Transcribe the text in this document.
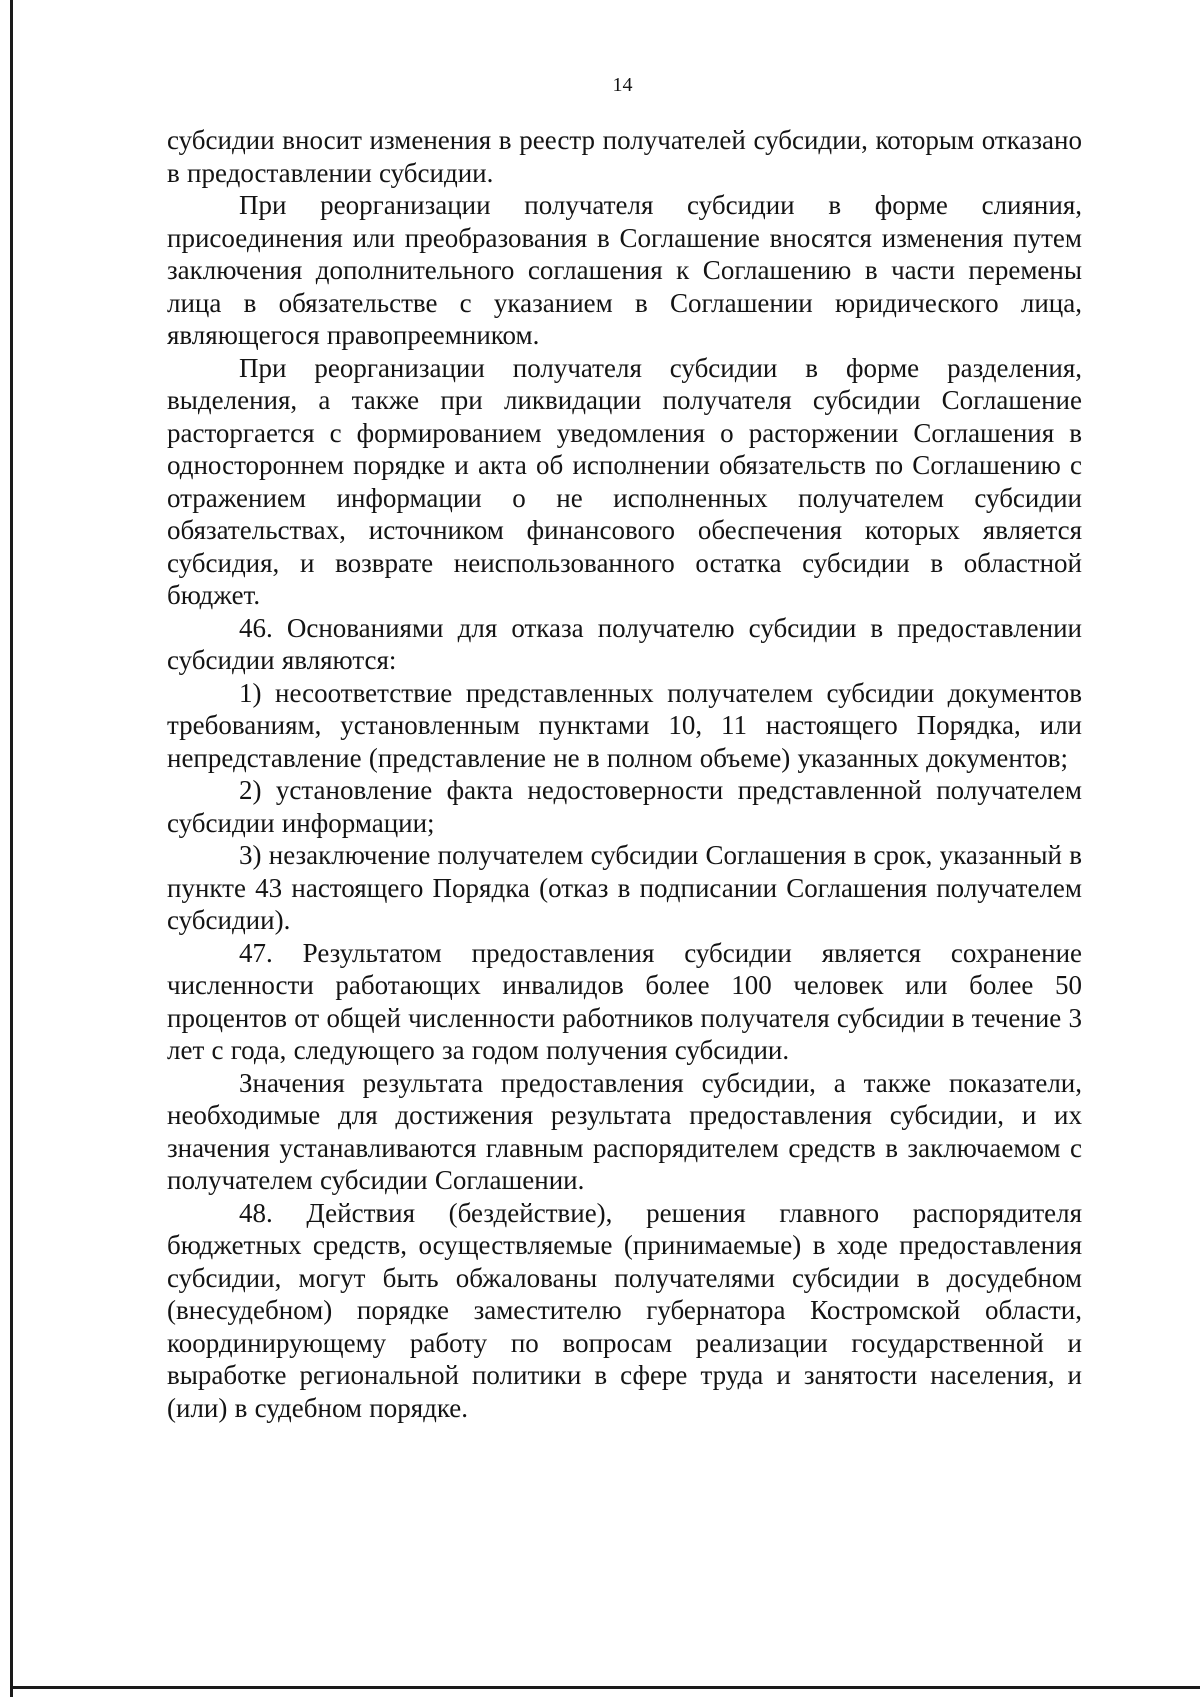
14

субсидии вносит изменения в реестр получателей субсидии, которым отказано в предоставлении субсидии.

При реорганизации получателя субсидии в форме слияния, присоединения или преобразования в Соглашение вносятся изменения путем заключения дополнительного соглашения к Соглашению в части перемены лица в обязательстве с указанием в Соглашении юридического лица, являющегося правопреемником.

При реорганизации получателя субсидии в форме разделения, выделения, а также при ликвидации получателя субсидии Соглашение расторгается с формированием уведомления о расторжении Соглашения в одностороннем порядке и акта об исполнении обязательств по Соглашению с отражением информации о не исполненных получателем субсидии обязательствах, источником финансового обеспечения которых является субсидия, и возврате неиспользованного остатка субсидии в областной бюджет.

46. Основаниями для отказа получателю субсидии в предоставлении субсидии являются:

1) несоответствие представленных получателем субсидии документов требованиям, установленным пунктами 10, 11 настоящего Порядка, или непредставление (представление не в полном объеме) указанных документов;

2) установление факта недостоверности представленной получателем субсидии информации;

3) незаключение получателем субсидии Соглашения в срок, указанный в пункте 43 настоящего Порядка (отказ в подписании Соглашения получателем субсидии).

47. Результатом предоставления субсидии является сохранение численности работающих инвалидов более 100 человек или более 50 процентов от общей численности работников получателя субсидии в течение 3 лет с года, следующего за годом получения субсидии.

Значения результата предоставления субсидии, а также показатели, необходимые для достижения результата предоставления субсидии, и их значения устанавливаются главным распорядителем средств в заключаемом с получателем субсидии Соглашении.

48. Действия (бездействие), решения главного распорядителя бюджетных средств, осуществляемые (принимаемые) в ходе предоставления субсидии, могут быть обжалованы получателями субсидии в досудебном (внесудебном) порядке заместителю губернатора Костромской области, координирующему работу по вопросам реализации государственной и выработке региональной политики в сфере труда и занятости населения, и (или) в судебном порядке.
